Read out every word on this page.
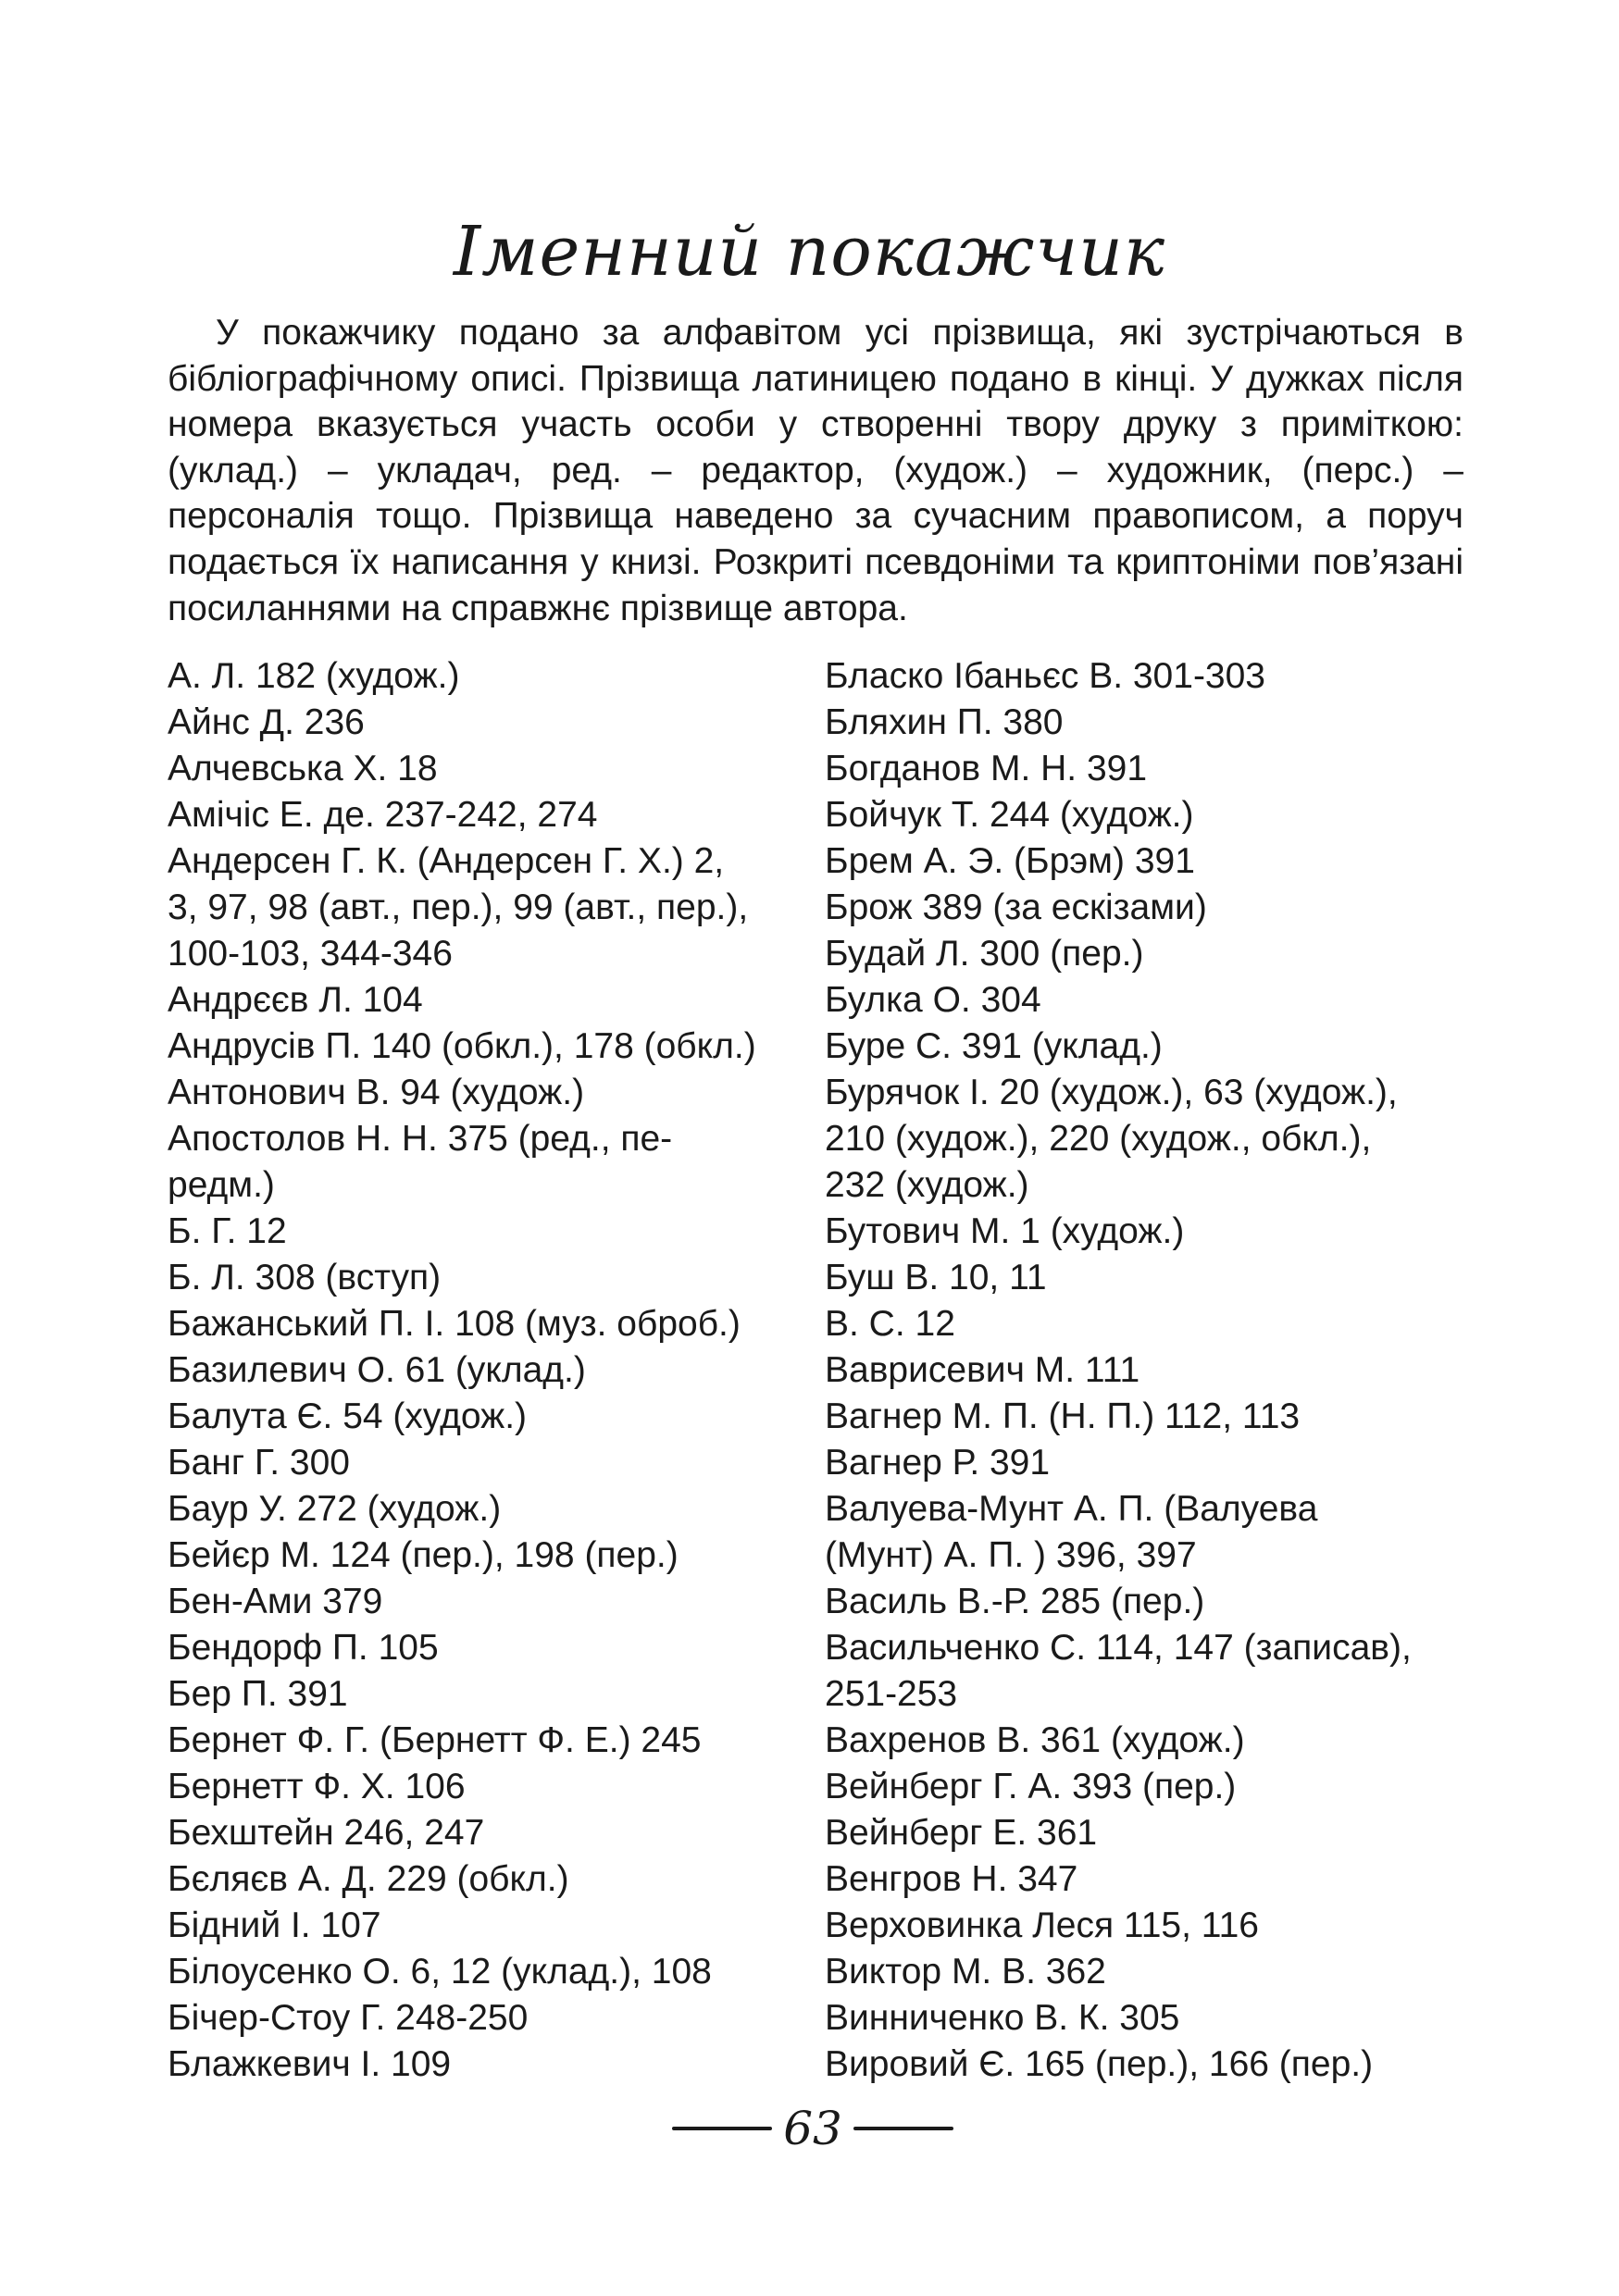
Іменний покажчик

У покажчику подано за алфавітом усі прізвища, які зустрічаються в бібліографічному описі. Прізвища латиницею подано в кінці. У дужках після номера вказується участь особи у створенні твору друку з приміткою: (уклад.) – укладач, ред. – редактор, (худож.) – художник, (перс.) – персоналія тощо. Прізвища наведено за сучасним правописом, а поруч подається їх написання у книзі. Розкриті псевдоніми та криптоніми пов’язані посиланнями на справжнє прізвище автора.

А. Л. 182 (худож.)
Айнс Д. 236
Алчевська Х. 18
Амічіс Е. де. 237-242, 274
Андерсен Г. К. (Андерсен Г. Х.) 2,
3, 97, 98 (авт., пер.), 99 (авт., пер.),
100-103, 344-346
Андрєєв Л. 104
Андрусів П. 140 (обкл.), 178 (обкл.)
Антонович В. 94 (худож.)
Апостолов Н. Н. 375 (ред., пе-
редм.)
Б. Г. 12
Б. Л. 308 (вступ)
Бажанський П. І. 108 (муз. оброб.)
Базилевич О. 61 (уклад.)
Балута Є. 54 (худож.)
Банг Г. 300
Баур У. 272 (худож.)
Бейєр М. 124 (пер.), 198 (пер.)
Бен-Ами 379
Бендорф П. 105
Бер П. 391
Бернет Ф. Г. (Бернетт Ф. Е.) 245
Бернетт Ф. Х. 106
Бехштейн 246, 247
Бєляєв А. Д. 229 (обкл.)
Бідний І. 107
Білоусенко О. 6, 12 (уклад.), 108
Бічер-Стоу Г. 248-250
Блажкевич І. 109
Бласко Ібаньєс В. 301-303
Бляхин П. 380
Богданов М. Н. 391
Бойчук Т. 244 (худож.)
Брем А. Э. (Брэм) 391
Брож 389 (за ескізами)
Будай Л. 300 (пер.)
Булка О. 304
Буре С. 391 (уклад.)
Бурячок І. 20 (худож.), 63 (худож.),
210 (худож.), 220 (худож., обкл.),
232 (худож.)
Бутович М. 1 (худож.)
Буш В. 10, 11
В. С. 12
Ваврисевич М. 111
Вагнер М. П. (Н. П.) 112, 113
Вагнер Р. 391
Валуева-Мунт А. П. (Валуева
(Мунт) А. П. ) 396, 397
Василь В.-Р. 285 (пер.)
Васильченко С. 114, 147 (записав),
251-253
Вахренов В. 361 (худож.)
Вейнберг Г. А. 393 (пер.)
Вейнберг Е. 361
Венгров Н. 347
Верховинка Леся 115, 116
Виктор М. В. 362
Винниченко В. К. 305
Вировий Є. 165 (пер.), 166 (пер.)
63
